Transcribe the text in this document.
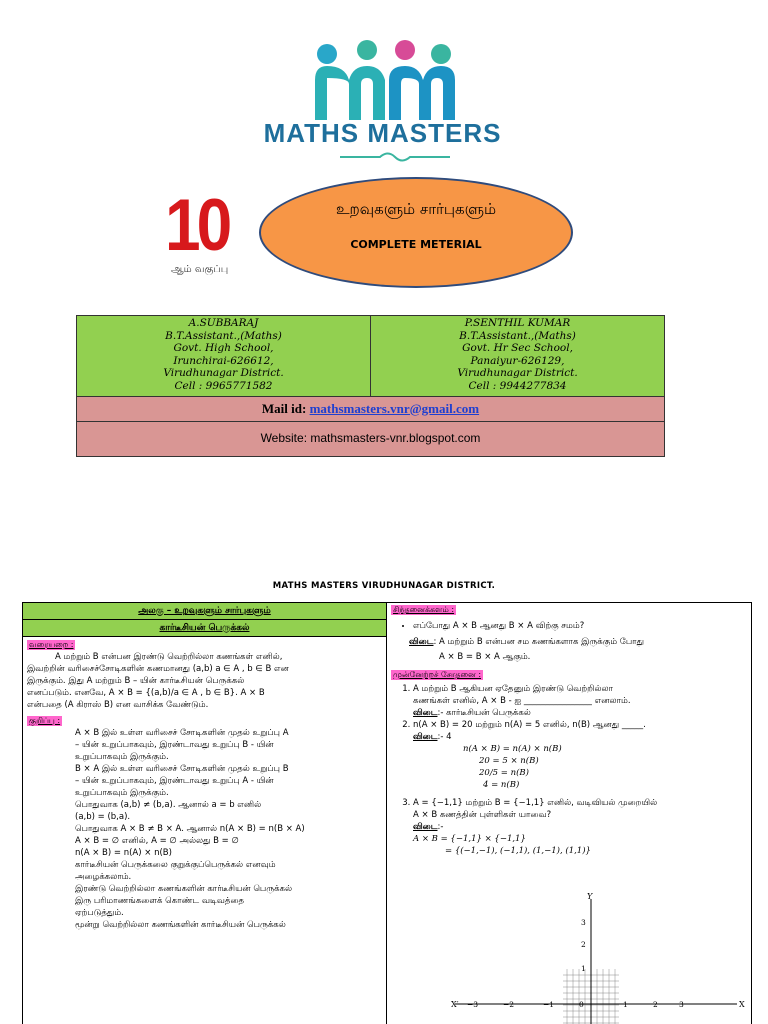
MATHS MASTERS
10
ஆம் வகுப்பு
உறவுகளும் சார்புகளும்
COMPLETE METERIAL
A.SUBBARAJ
B.T.Assistant.,(Maths)
Govt. High School,
Irunchirai-626612,
Virudhunagar District.
Cell : 9965771582
P.SENTHIL KUMAR
B.T.Assistant.,(Maths)
Govt. Hr Sec School,
Panaiyur-626129,
Virudhunagar District.
Cell : 9944277834
Mail id: mathsmasters.vnr@gmail.com
Website: mathsmasters-vnr.blogspot.com
MATHS MASTERS VIRUDHUNAGAR DISTRICT.
அலகு – உறவுகளும் சார்புகளும்
கார்டீசியன் பெருக்கல்
வரையறை :
A மற்றும் B என்பன இரண்டு வெற்றில்லா கணங்கள் எனில்,
இவற்றின் வரிசைச்சோடிகளின் கணமானது (a,b) a ∈ A , b ∈ B என
இருக்கும். இது A மற்றும் B – யின் கார்டீசியன் பெருக்கல்
எனப்படும். எனவே, A × B = {(a,b)/a ∈ A , b ∈ B}. A × B
என்பதை (A கிராஸ் B) என வாசிக்க வேண்டும்.
குறிப்பு :
A × B இல் உள்ள வரிசைச் சோடிகளின் முதல் உறுப்பு A
– யின் உறுப்பாகவும், இரண்டாவது உறுப்பு B - யின்
உறுப்பாகவும் இருக்கும்.
B × A இல் உள்ள வரிசைச் சோடிகளின் முதல் உறுப்பு B
– யின் உறுப்பாகவும், இரண்டாவது உறுப்பு A - யின்
உறுப்பாகவும் இருக்கும்.
பொதுவாக (a,b) ≠ (b,a). ஆனால் a = b எனில்
(a,b) = (b,a).
பொதுவாக A × B ≠ B × A. ஆனால் n(A × B) = n(B × A)
A × B = ∅ எனில், A = ∅ அல்லது B = ∅
n(A × B) = n(A) × n(B)
கார்டீசியன் பெருக்கலை குறுக்குப்பெருக்கல் எனவும்
அழைக்கலாம்.
இரண்டு வெற்றில்லா கணங்களின் கார்டீசியன் பெருக்கல்
இரு பரிமாணங்களைக் கொண்ட வடிவத்தை
ஏற்படுத்தும்.
மூன்று வெற்றில்லா கணங்களின் கார்டீசியன் பெருக்கல்
சிந்தனைக்களம் :
• எப்போது A × B ஆனது B × A விற்கு சமம்?
விடை: A மற்றும் B என்பன சம கணங்களாக இருக்கும் போது
A × B = B × A ஆகும்.
முன்னேற்றச் சோதனை :
1. A மற்றும் B ஆகியன ஏதேனும் இரண்டு வெற்றில்லா
கணங்கள் எனில், A × B - ஐ ________________ எனலாம்.
விடை:- கார்டீசியன் பெருக்கல்
2. n(A × B) = 20 மற்றும் n(A) = 5 எனில், n(B) ஆனது _____.
விடை:- 4
n(A × B) = n(A) × n(B)
20 = 5 × n(B)
20/5 = n(B)
4 = n(B)
3. A = {−1,1} மற்றும் B = {−1,1} எனில், வடிவியல் முறையில்
A × B கணத்தின் புள்ளிகள் யாவை?
விடை:-
A × B = {−1,1} × {−1,1}
= {(−1,−1), (−1,1), (1,−1), (1,1)}
X′	X
Y
−3	−2	−1	0	1	2	3
3
2
1
